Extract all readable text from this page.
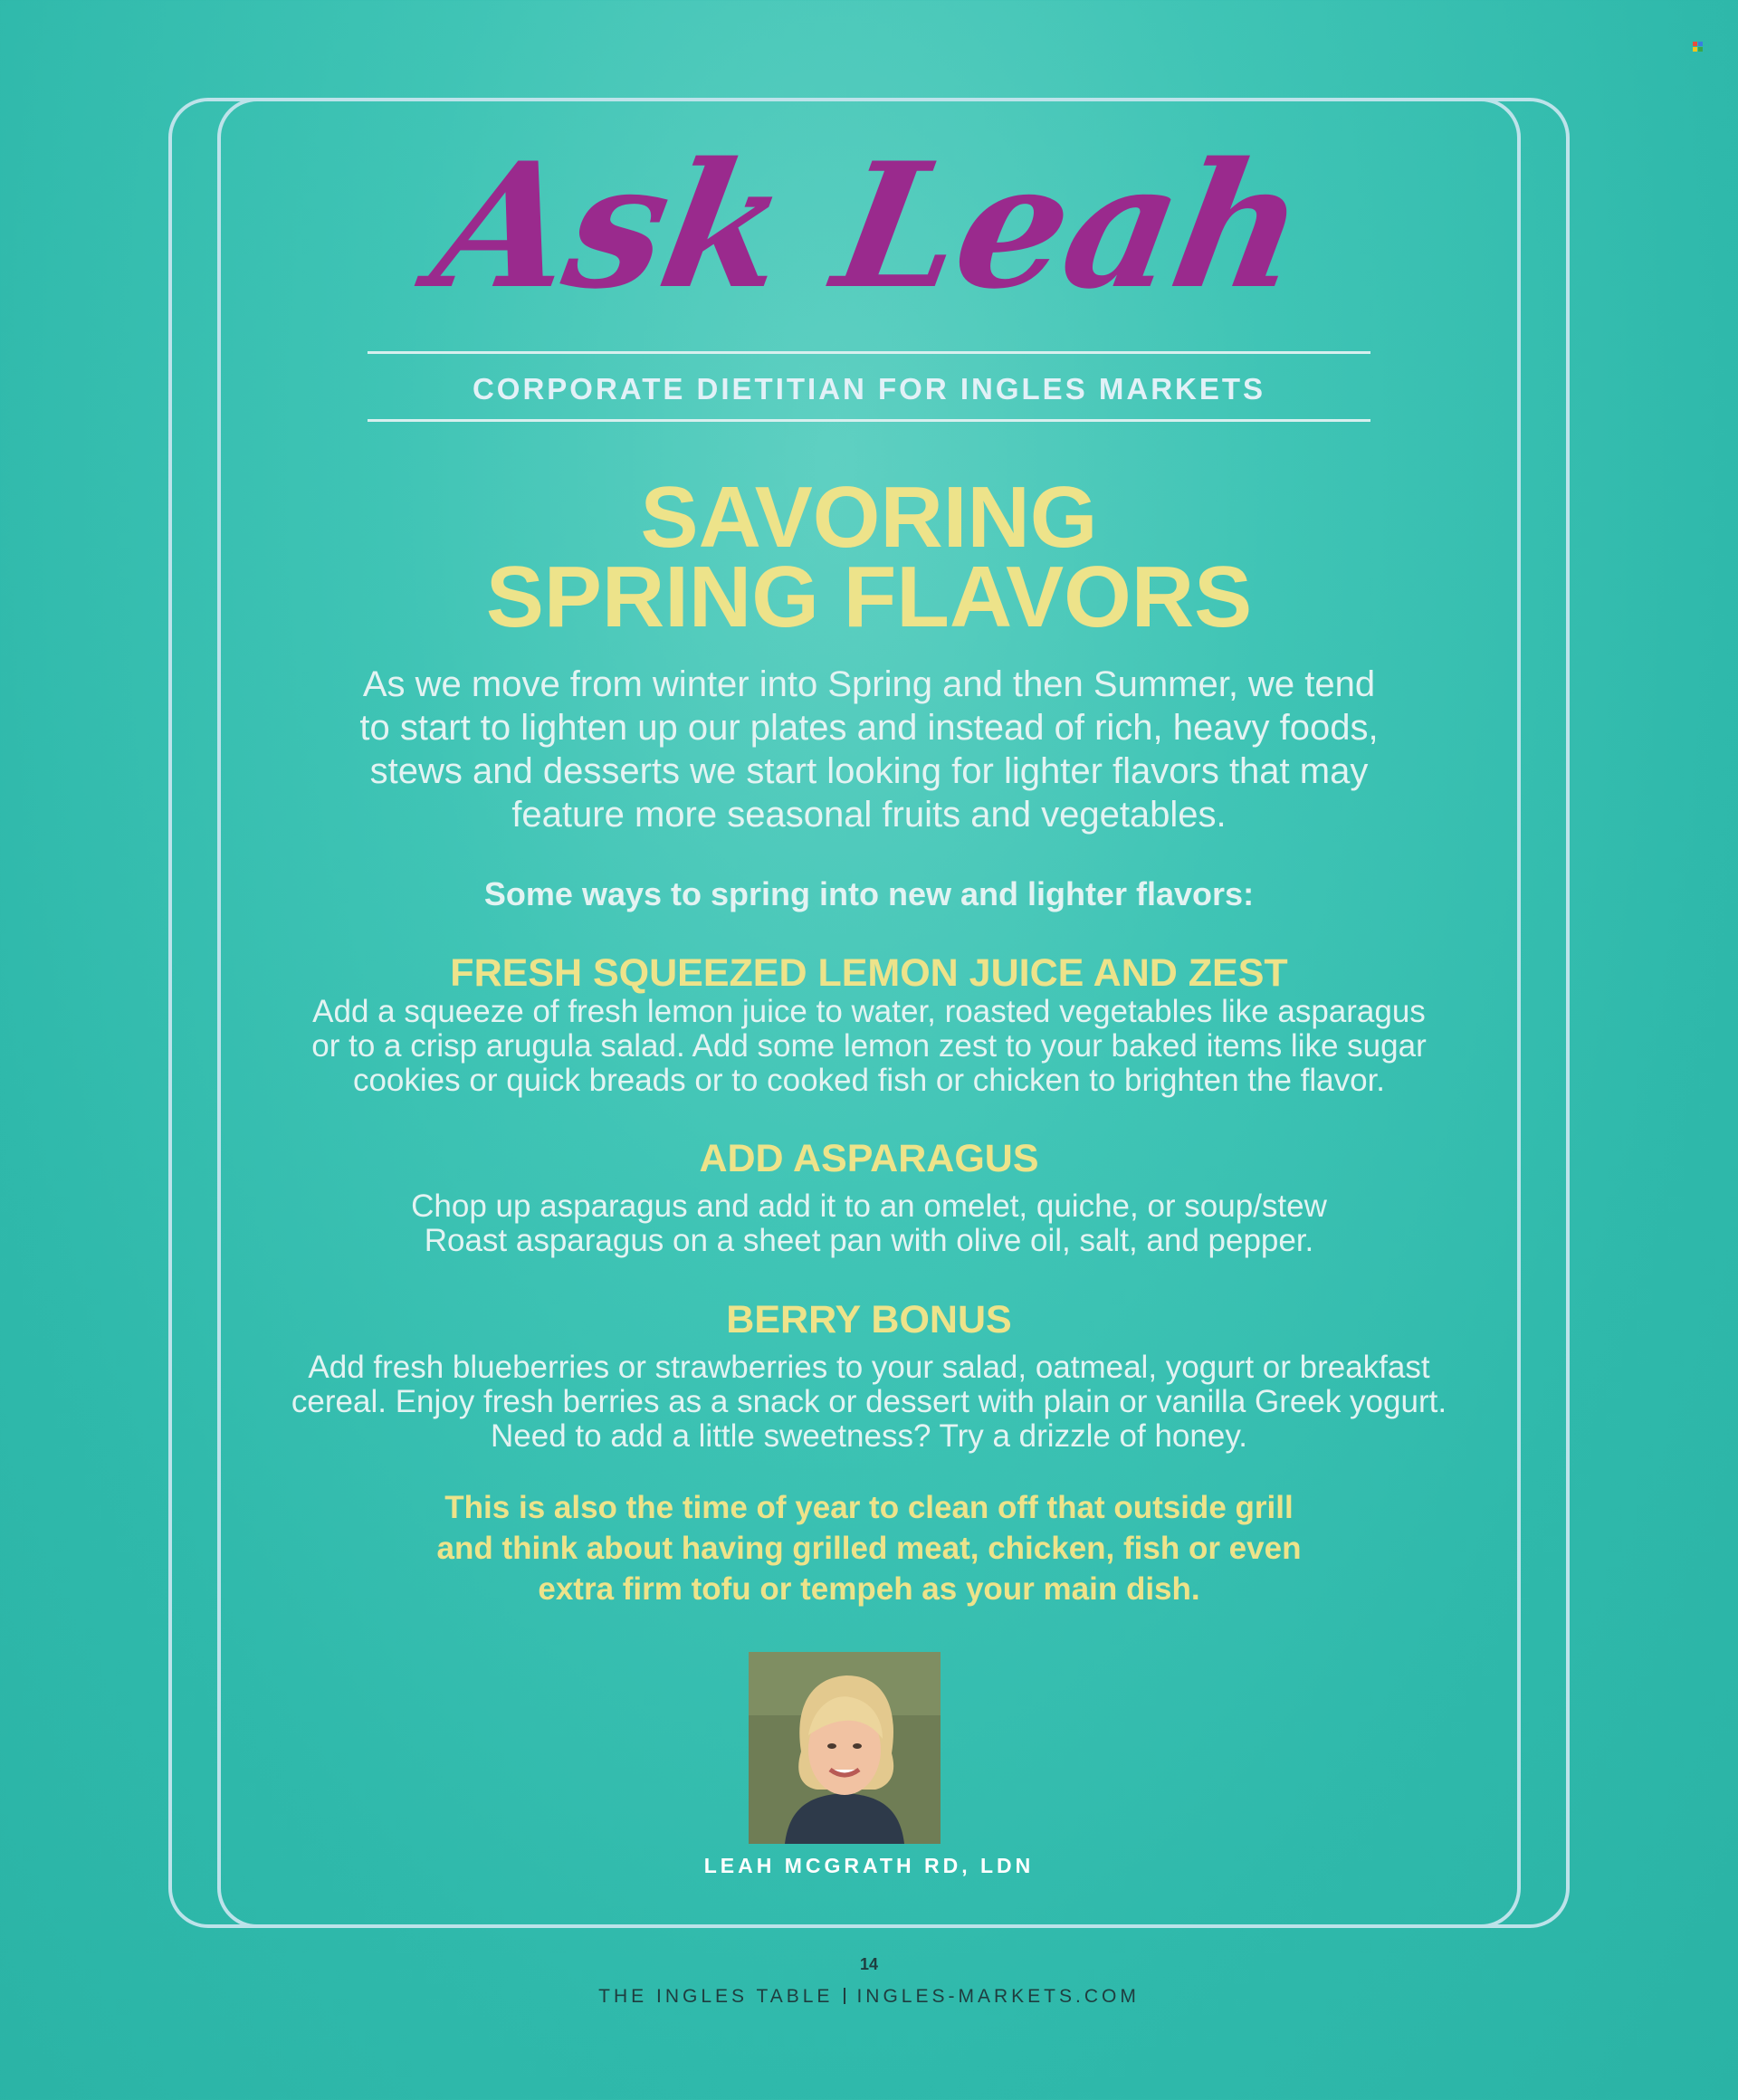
Ask Leah
CORPORATE DIETITIAN FOR INGLES MARKETS
SAVORING
SPRING FLAVORS
As we move from winter into Spring and then Summer, we tend
to start to lighten up our plates and instead of rich, heavy foods,
stews and desserts we start looking for lighter flavors that may
feature more seasonal fruits and vegetables.
Some ways to spring into new and lighter flavors:
FRESH SQUEEZED LEMON JUICE AND ZEST
Add a squeeze of fresh lemon juice to water, roasted vegetables like asparagus
or to a crisp arugula salad. Add some lemon zest to your baked items like sugar
cookies or quick breads or to cooked fish or chicken to brighten the flavor.
ADD ASPARAGUS
Chop up asparagus and add it to an omelet, quiche, or soup/stew
Roast asparagus on a sheet pan with olive oil, salt, and pepper.
BERRY BONUS
Add fresh blueberries or strawberries to your salad, oatmeal, yogurt or breakfast
cereal. Enjoy fresh berries as a snack or dessert with plain or vanilla Greek yogurt.
Need to add a little sweetness? Try a drizzle of honey.
This is also the time of year to clean off that outside grill
and think about having grilled meat, chicken, fish or even
extra firm tofu or tempeh as your main dish.
LEAH MCGRATH RD, LDN
14
THE INGLES TABLE INGLES-MARKETS.COM
